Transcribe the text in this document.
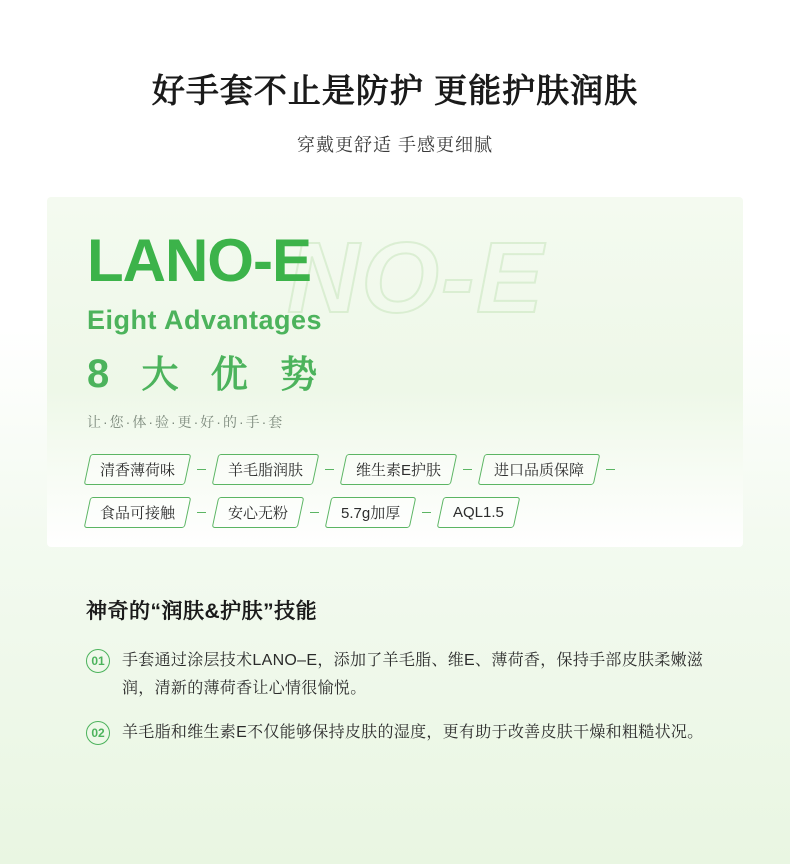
好手套不止是防护 更能护肤润肤
穿戴更舒适 手感更细腻
NO-E
LANO-E
Eight Advantages
8 大 优 势
让·您·体·验·更·好·的·手·套
清香薄荷味	羊毛脂润肤	维生素E护肤	进口品质保障
食品可接触	安心无粉	5.7g加厚	AQL1.5
神奇的“润肤&护肤”技能
01	手套通过涂层技术LANO–E，添加了羊毛脂、维E、薄荷香，保持手部皮肤柔嫩滋润，清新的薄荷香让心情很愉悦。
02	羊毛脂和维生素E不仅能够保持皮肤的湿度，更有助于改善皮肤干燥和粗糙状况。
